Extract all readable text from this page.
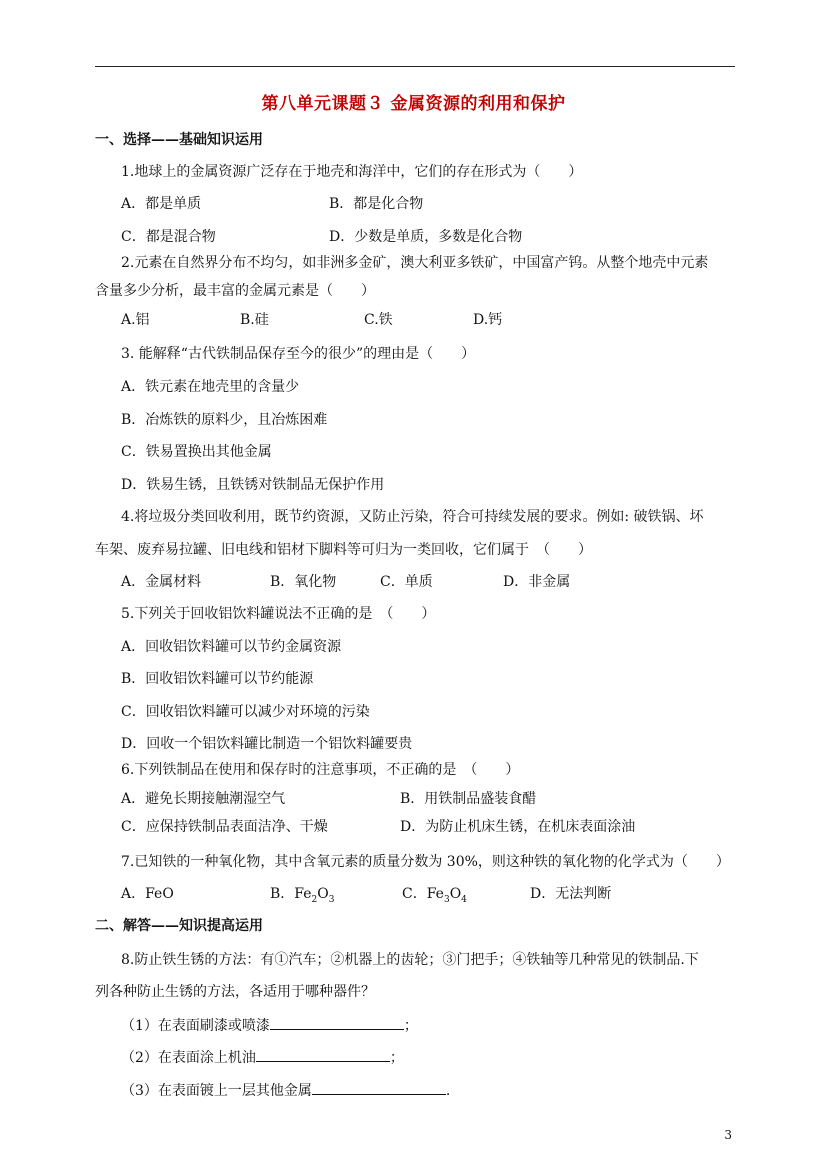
第八单元课题３ 金属资源的利用和保护
一、选择——基础知识运用
1.地球上的金属资源广泛存在于地壳和海洋中，它们的存在形式为（　　）
A．都是单质	B．都是化合物
C．都是混合物	D．少数是单质，多数是化合物
2.元素在自然界分布不均匀，如非洲多金矿，澳大利亚多铁矿，中国富产钨。从整个地壳中元素
含量多少分析，最丰富的金属元素是（　　）
A.铝	B.硅	C.铁	D.钙
3. 能解释“古代铁制品保存至今的很少”的理由是（　　）
A．铁元素在地壳里的含量少
B．冶炼铁的原料少，且冶炼困难
C．铁易置换出其他金属
D．铁易生锈，且铁锈对铁制品无保护作用
4.将垃圾分类回收利用，既节约资源，又防止污染，符合可持续发展的要求。例如: 破铁锅、坏
车架、废弃易拉罐、旧电线和铝材下脚料等可归为一类回收，它们属于　（　　）
A．金属材料	B．氧化物	C．单质	D．非金属
5.下列关于回收铝饮料罐说法不正确的是　（　　）
A．回收铝饮料罐可以节约金属资源
B．回收铝饮料罐可以节约能源
C．回收铝饮料罐可以减少对环境的污染
D．回收一个铝饮料罐比制造一个铝饮料罐要贵
6.下列铁制品在使用和保存时的注意事项，不正确的是　（　　）
A．避免长期接触潮湿空气	B．用铁制品盛装食醋
C．应保持铁制品表面洁净、干燥	D．为防止机床生锈，在机床表面涂油
7.已知铁的一种氧化物，其中含氧元素的质量分数为 30%，则这种铁的氧化物的化学式为（　　）
A．FeO	B．$Fe_2O_3$	C．$Fe_3O_4$	D．无法判断
二、解答——知识提高运用
8.防止铁生锈的方法：有①汽车；②机器上的齿轮；③门把手；④铁轴等几种常见的铁制品.下
列各种防止生锈的方法，各适用于哪种器件？
（1）在表面刷漆或喷漆	；
（2）在表面涂上机油	；
（3）在表面镀上一层其他金属	.
3
